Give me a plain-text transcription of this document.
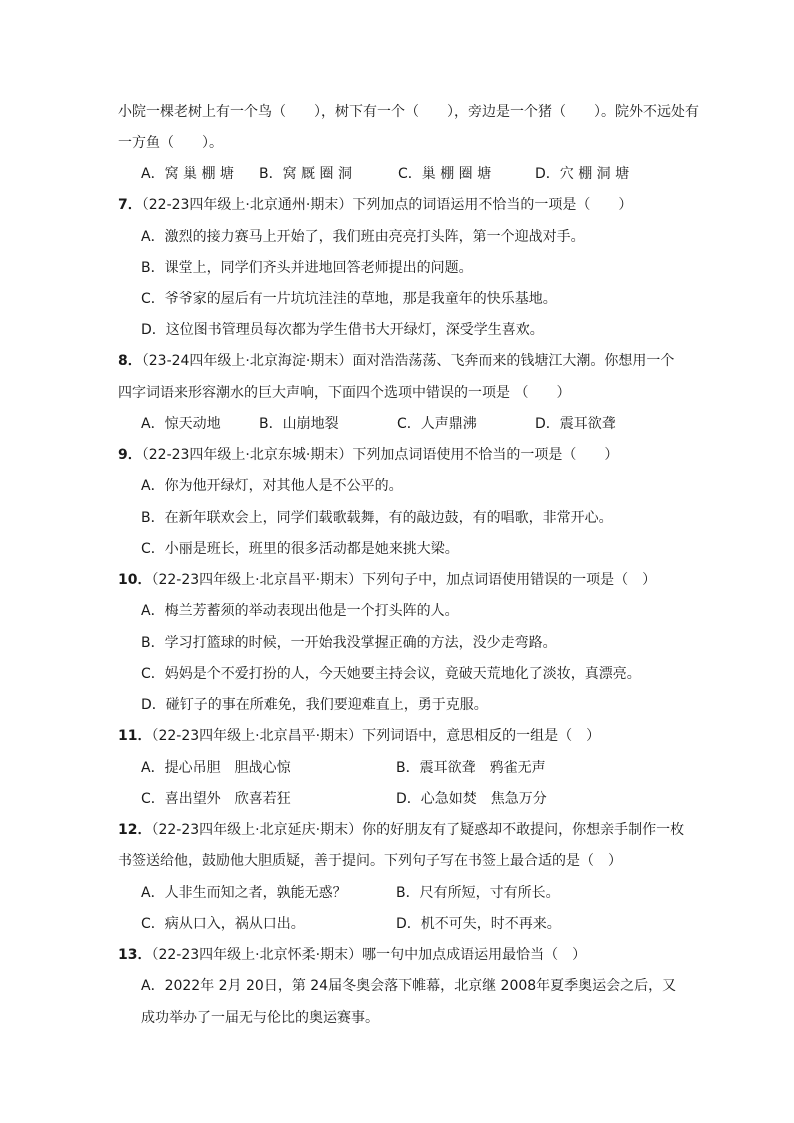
小院一棵老树上有一个鸟（　　），树下有一个（　　），旁边是一个猪（　　）。院外不远处有
一方鱼（　　）。
A．窝 巢 棚 塘 B．窝 厩 圈 洞	C．巢 棚 圈 塘	D．穴 棚 洞 塘
7．（22-23四年级上·北京通州·期末）下列加点的词语运用不恰当的一项是（　　）
A．激烈的接力赛马上开始了，我们班由亮亮打头阵，第一个迎战对手。
B．课堂上，同学们齐头并进地回答老师提出的问题。
C．爷爷家的屋后有一片坑坑洼洼的草地，那是我童年的快乐基地。
D．这位图书管理员每次都为学生借书大开绿灯，深受学生喜欢。
8．（23-24四年级上·北京海淀·期末）面对浩浩荡荡、飞奔而来的钱塘江大潮。你想用一个
四字词语来形容潮水的巨大声响，下面四个选项中错误的一项是 （　　）
A．惊天动地	B．山崩地裂	C．人声鼎沸	D．震耳欲聋
9．（22-23四年级上·北京东城·期末）下列加点词语使用不恰当的一项是（　　）
A．你为他开绿灯，对其他人是不公平的。
B．在新年联欢会上，同学们载歌载舞，有的敲边鼓，有的唱歌，非常开心。
C．小丽是班长，班里的很多活动都是她来挑大梁。
10．（22-23四年级上·北京昌平·期末）下列句子中，加点词语使用错误的一项是（　）
A．梅兰芳蓄须的举动表现出他是一个打头阵的人。
B．学习打篮球的时候，一开始我没掌握正确的方法，没少走弯路。
C．妈妈是个不爱打扮的人，今天她要主持会议，竟破天荒地化了淡妆，真漂亮。
D．碰钉子的事在所难免，我们要迎难直上，勇于克服。
11．（22-23四年级上·北京昌平·期末）下列词语中，意思相反的一组是（　）
A．提心吊胆　胆战心惊	B．震耳欲聋　鸦雀无声
C．喜出望外　欣喜若狂	D．心急如焚　焦急万分
12．（22-23四年级上·北京延庆·期末）你的好朋友有了疑惑却不敢提问，你想亲手制作一枚
书签送给他，鼓励他大胆质疑，善于提问。下列句子写在书签上最合适的是（　）
A．人非生而知之者，孰能无惑？	B．尺有所短，寸有所长。
C．病从口入，祸从口出。	D．机不可失，时不再来。
13．（22-23四年级上·北京怀柔·期末）哪一句中加点成语运用最恰当（　）
A．2022年 2月 20日，第 24届冬奥会落下帷幕，北京继 2008年夏季奥运会之后，又
成功举办了一届无与伦比的奥运赛事。
